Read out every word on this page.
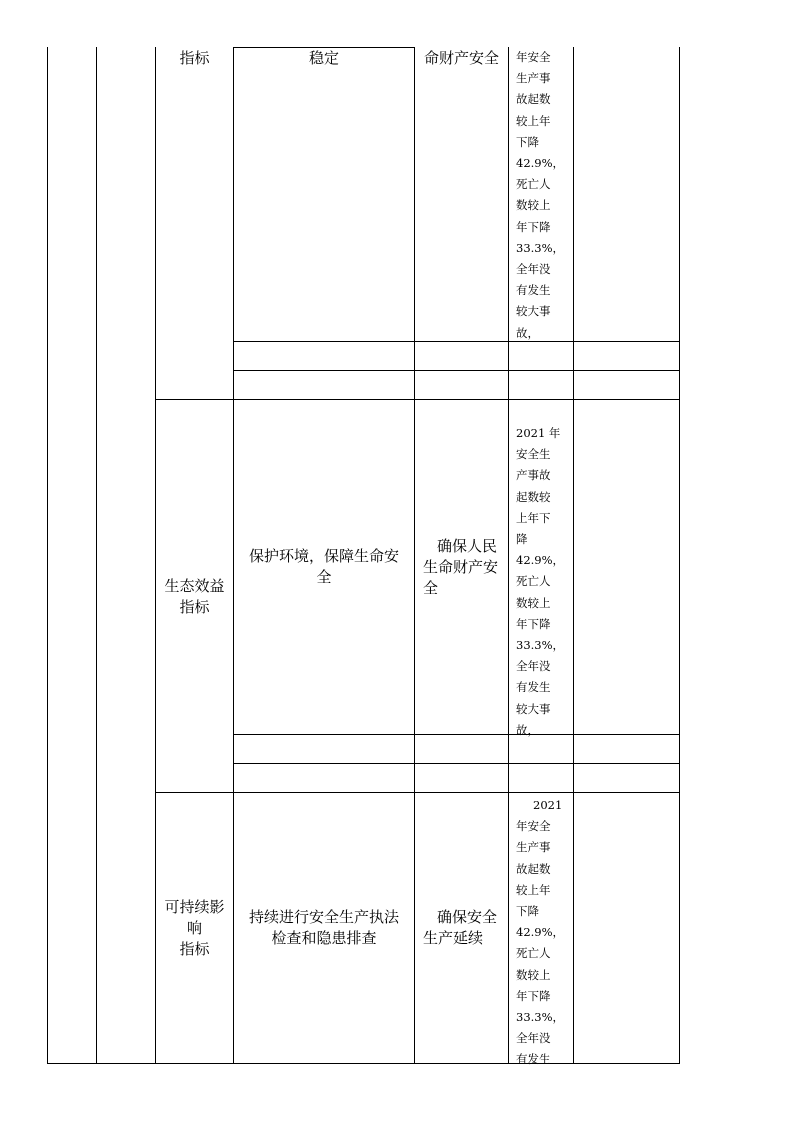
指标	稳定	命财产安全 年安全
生产事
故起数
较上年
下降
42.9%，
死亡人
数较上
年下降
33.3%，
全年没
有发生
较大事
故，
生态效益
指标
保护环境，保障生命安
全
确保人民
生命财产安
全
2021 年
安全生
产事故
起数较
上年下
降
42.9%，
死亡人
数较上
年下降
33.3%，
全年没
有发生
较大事
故，
可持续影
响
指标
持续进行安全生产执法
检查和隐患排查
确保安全
生产延续
2021
年安全
生产事
故起数
较上年
下降
42.9%，
死亡人
数较上
年下降
33.3%，
全年没
有发生
